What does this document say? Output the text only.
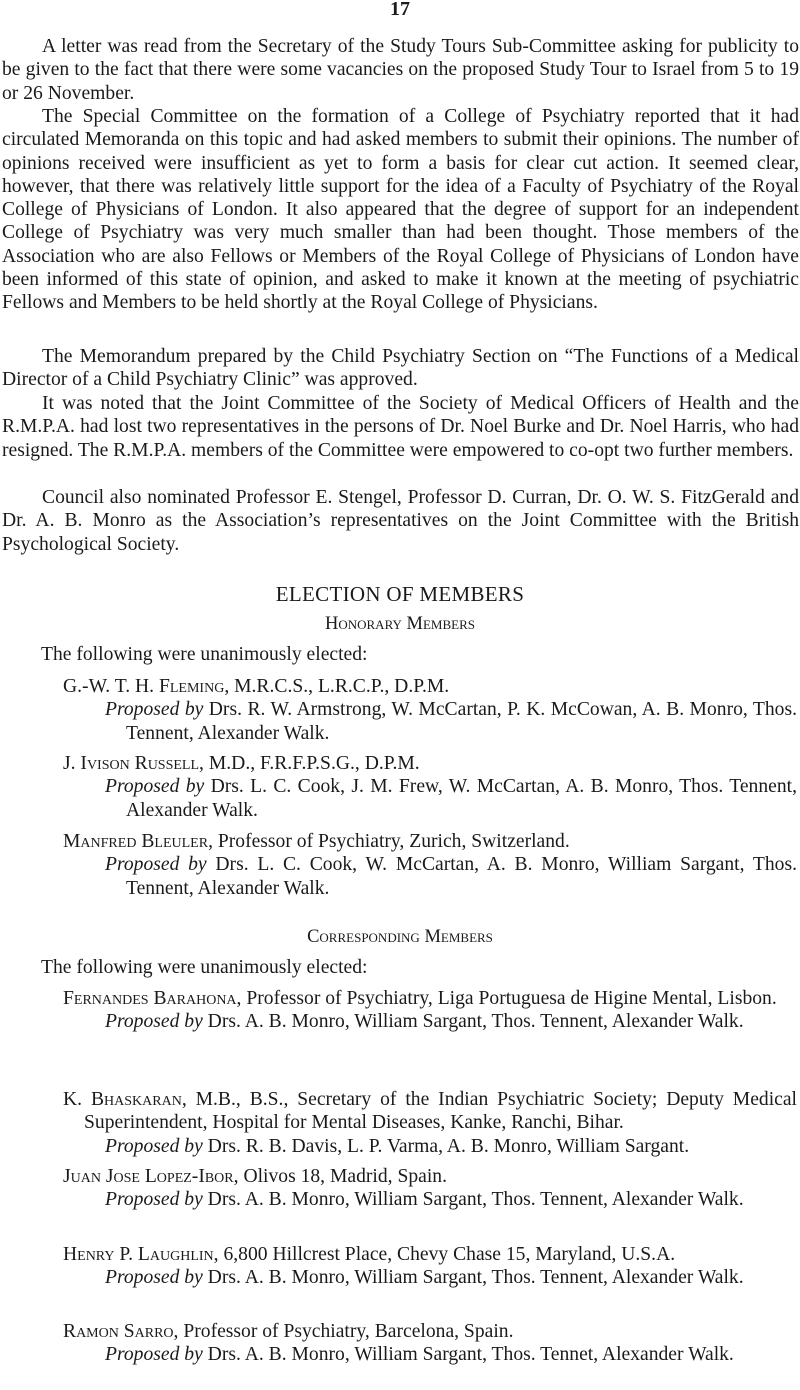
17

A letter was read from the Secretary of the Study Tours Sub-Committee asking for publicity to be given to the fact that there were some vacancies on the proposed Study Tour to Israel from 5 to 19 or 26 November.

The Special Committee on the formation of a College of Psychiatry reported that it had circulated Memoranda on this topic and had asked members to submit their opinions. The number of opinions received were insufficient as yet to form a basis for clear cut action. It seemed clear, however, that there was relatively little support for the idea of a Faculty of Psychiatry of the Royal College of Physicians of London. It also appeared that the degree of support for an independent College of Psychiatry was very much smaller than had been thought. Those members of the Association who are also Fellows or Members of the Royal College of Physicians of London have been informed of this state of opinion, and asked to make it known at the meeting of psychiatric Fellows and Members to be held shortly at the Royal College of Physicians.

The Memorandum prepared by the Child Psychiatry Section on “The Functions of a Medical Director of a Child Psychiatry Clinic” was approved.

It was noted that the Joint Committee of the Society of Medical Officers of Health and the R.M.P.A. had lost two representatives in the persons of Dr. Noel Burke and Dr. Noel Harris, who had resigned. The R.M.P.A. members of the Committee were empowered to co-opt two further members.

Council also nominated Professor E. Stengel, Professor D. Curran, Dr. O. W. S. FitzGerald and Dr. A. B. Monro as the Association’s representatives on the Joint Committee with the British Psychological Society.

ELECTION OF MEMBERS
Honorary Members

The following were unanimously elected:

G.-W. T. H. Fleming, M.R.C.S., L.R.C.P., D.P.M.

Proposed by Drs. R. W. Armstrong, W. McCartan, P. K. McCowan, A. B. Monro, Thos. Tennent, Alexander Walk.

J. Ivison Russell, M.D., F.R.F.P.S.G., D.P.M.

Proposed by Drs. L. C. Cook, J. M. Frew, W. McCartan, A. B. Monro, Thos. Tennent, Alexander Walk.

Manfred Bleuler, Professor of Psychiatry, Zurich, Switzerland.

Proposed by Drs. L. C. Cook, W. McCartan, A. B. Monro, William Sargant, Thos. Tennent, Alexander Walk.

Corresponding Members

The following were unanimously elected:

Fernandes Barahona, Professor of Psychiatry, Liga Portuguesa de Higine Mental, Lisbon.

Proposed by Drs. A. B. Monro, William Sargant, Thos. Tennent, Alexander Walk.

K. Bhaskaran, M.B., B.S., Secretary of the Indian Psychiatric Society; Deputy Medical Superintendent, Hospital for Mental Diseases, Kanke, Ranchi, Bihar.

Proposed by Drs. R. B. Davis, L. P. Varma, A. B. Monro, William Sargant.

Juan Jose Lopez-Ibor, Olivos 18, Madrid, Spain.

Proposed by Drs. A. B. Monro, William Sargant, Thos. Tennent, Alexander Walk.

Henry P. Laughlin, 6,800 Hillcrest Place, Chevy Chase 15, Maryland, U.S.A.

Proposed by Drs. A. B. Monro, William Sargant, Thos. Tennent, Alexander Walk.

Ramon Sarro, Professor of Psychiatry, Barcelona, Spain.

Proposed by Drs. A. B. Monro, William Sargant, Thos. Tennet, Alexander Walk.
